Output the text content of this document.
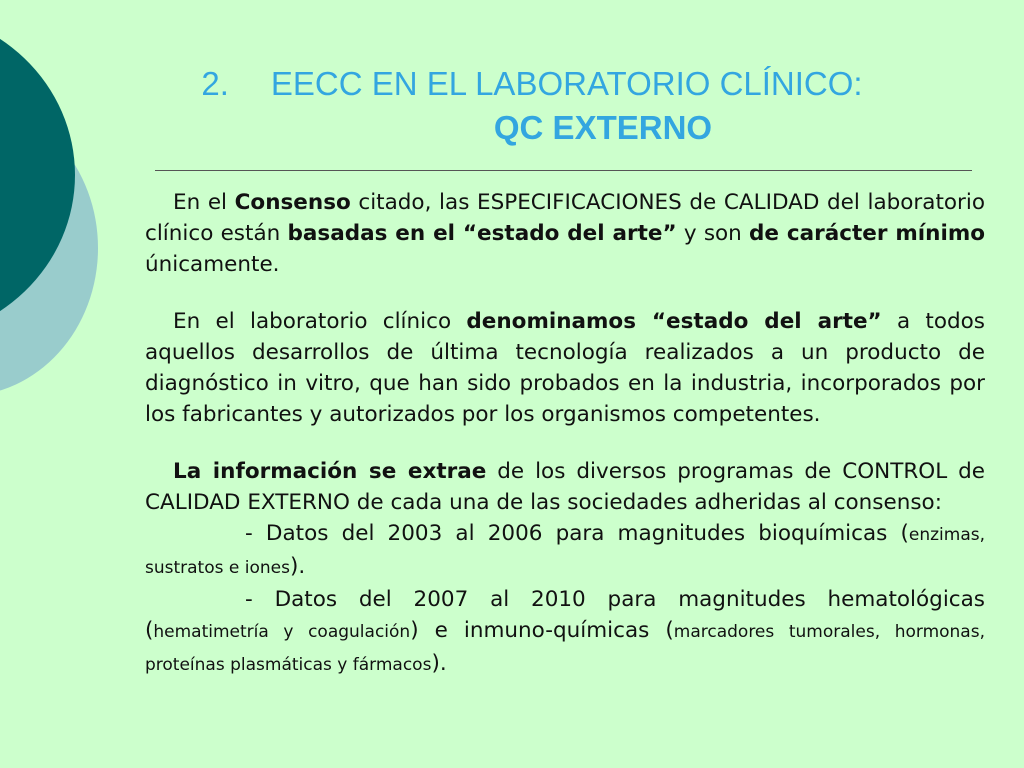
2. EECC EN EL LABORATORIO CLÍNICO:
QC EXTERNO

En el Consenso citado, las ESPECIFICACIONES de CALIDAD del laboratorio clínico están basadas en el “estado del arte” y son de carácter mínimo únicamente.

En el laboratorio clínico denominamos “estado del arte” a todos aquellos desarrollos de última tecnología realizados a un producto de diagnóstico in vitro, que han sido probados en la industria, incorporados por los fabricantes y autorizados por los organismos competentes.

La información se extrae de los diversos programas de CONTROL de CALIDAD EXTERNO de cada una de las sociedades adheridas al consenso:

- Datos del 2003 al 2006 para magnitudes bioquímicas (enzimas, sustratos e iones).

- Datos del 2007 al 2010 para magnitudes hematológicas (hematimetría y coagulación) e inmuno-químicas (marcadores tumorales, hormonas, proteínas plasmáticas y fármacos).
